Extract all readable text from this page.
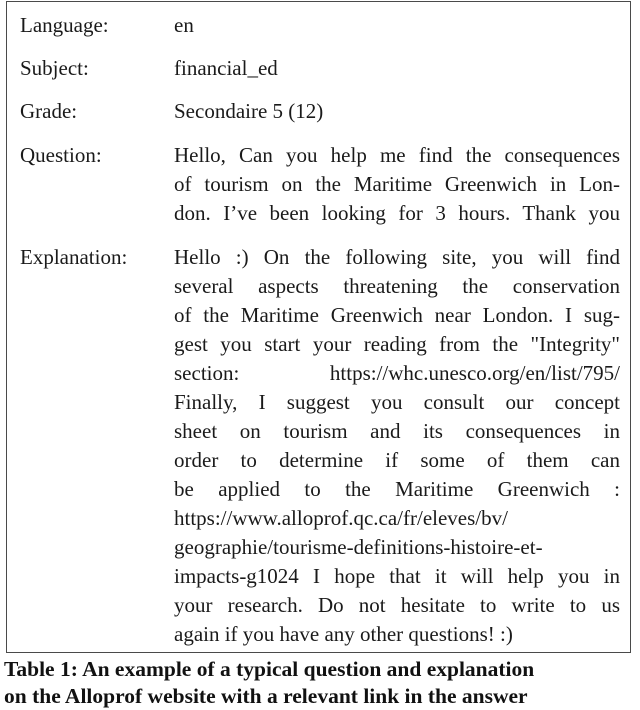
Language:	en
Subject:	financial_ed
Grade:	Secondaire 5 (12)
Question:	Hello, Can you help me find the consequences
of tourism on the Maritime Greenwich in Lon-
don. I’ve been looking for 3 hours. Thank you
Explanation: Hello :) On the following site, you will find
several aspects threatening the conservation
of the Maritime Greenwich near London. I sug-
gest you start your reading from the "Integrity"
section: https://whc.unesco.org/en/list/795/
Finally, I suggest you consult our concept
sheet on tourism and its consequences in
order to determine if some of them can
be applied to the Maritime Greenwich :
https://www.alloprof.qc.ca/fr/eleves/bv/
geographie/tourisme-definitions-histoire-et-
impacts-g1024 I hope that it will help you in
your research. Do not hesitate to write to us
again if you have any other questions! :)
Table 1: An example of a typical question and explanation
on the Alloprof website with a relevant link in the answer
